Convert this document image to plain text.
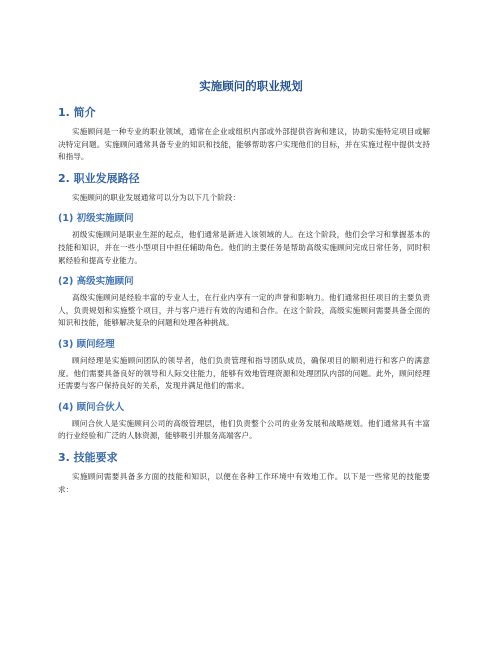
实施顾问的职业规划
1. 简介

实施顾问是一种专业的职业领域，通常在企业或组织内部或外部提供咨询和建议，协助实施特定项目或解决特定问题。实施顾问通常具备专业的知识和技能，能够帮助客户实现他们的目标，并在实施过程中提供支持和指导。

2. 职业发展路径

实施顾问的职业发展通常可以分为以下几个阶段：

(1) 初级实施顾问

初级实施顾问是职业生涯的起点，他们通常是新进入该领域的人。在这个阶段，他们会学习和掌握基本的技能和知识，并在一些小型项目中担任辅助角色。他们的主要任务是帮助高级实施顾问完成日常任务，同时积累经验和提高专业能力。

(2) 高级实施顾问

高级实施顾问是经验丰富的专业人士，在行业内享有一定的声誉和影响力。他们通常担任项目的主要负责人，负责规划和实施整个项目，并与客户进行有效的沟通和合作。在这个阶段，高级实施顾问需要具备全面的知识和技能，能够解决复杂的问题和处理各种挑战。

(3) 顾问经理

顾问经理是实施顾问团队的领导者，他们负责管理和指导团队成员，确保项目的顺利进行和客户的满意度。他们需要具备良好的领导和人际交往能力，能够有效地管理资源和处理团队内部的问题。此外，顾问经理还需要与客户保持良好的关系，发现并满足他们的需求。

(4) 顾问合伙人

顾问合伙人是实施顾问公司的高级管理层，他们负责整个公司的业务发展和战略规划。他们通常具有丰富的行业经验和广泛的人脉资源，能够吸引并服务高端客户。

3. 技能要求

实施顾问需要具备多方面的技能和知识，以便在各种工作环境中有效地工作。以下是一些常见的技能要求：
